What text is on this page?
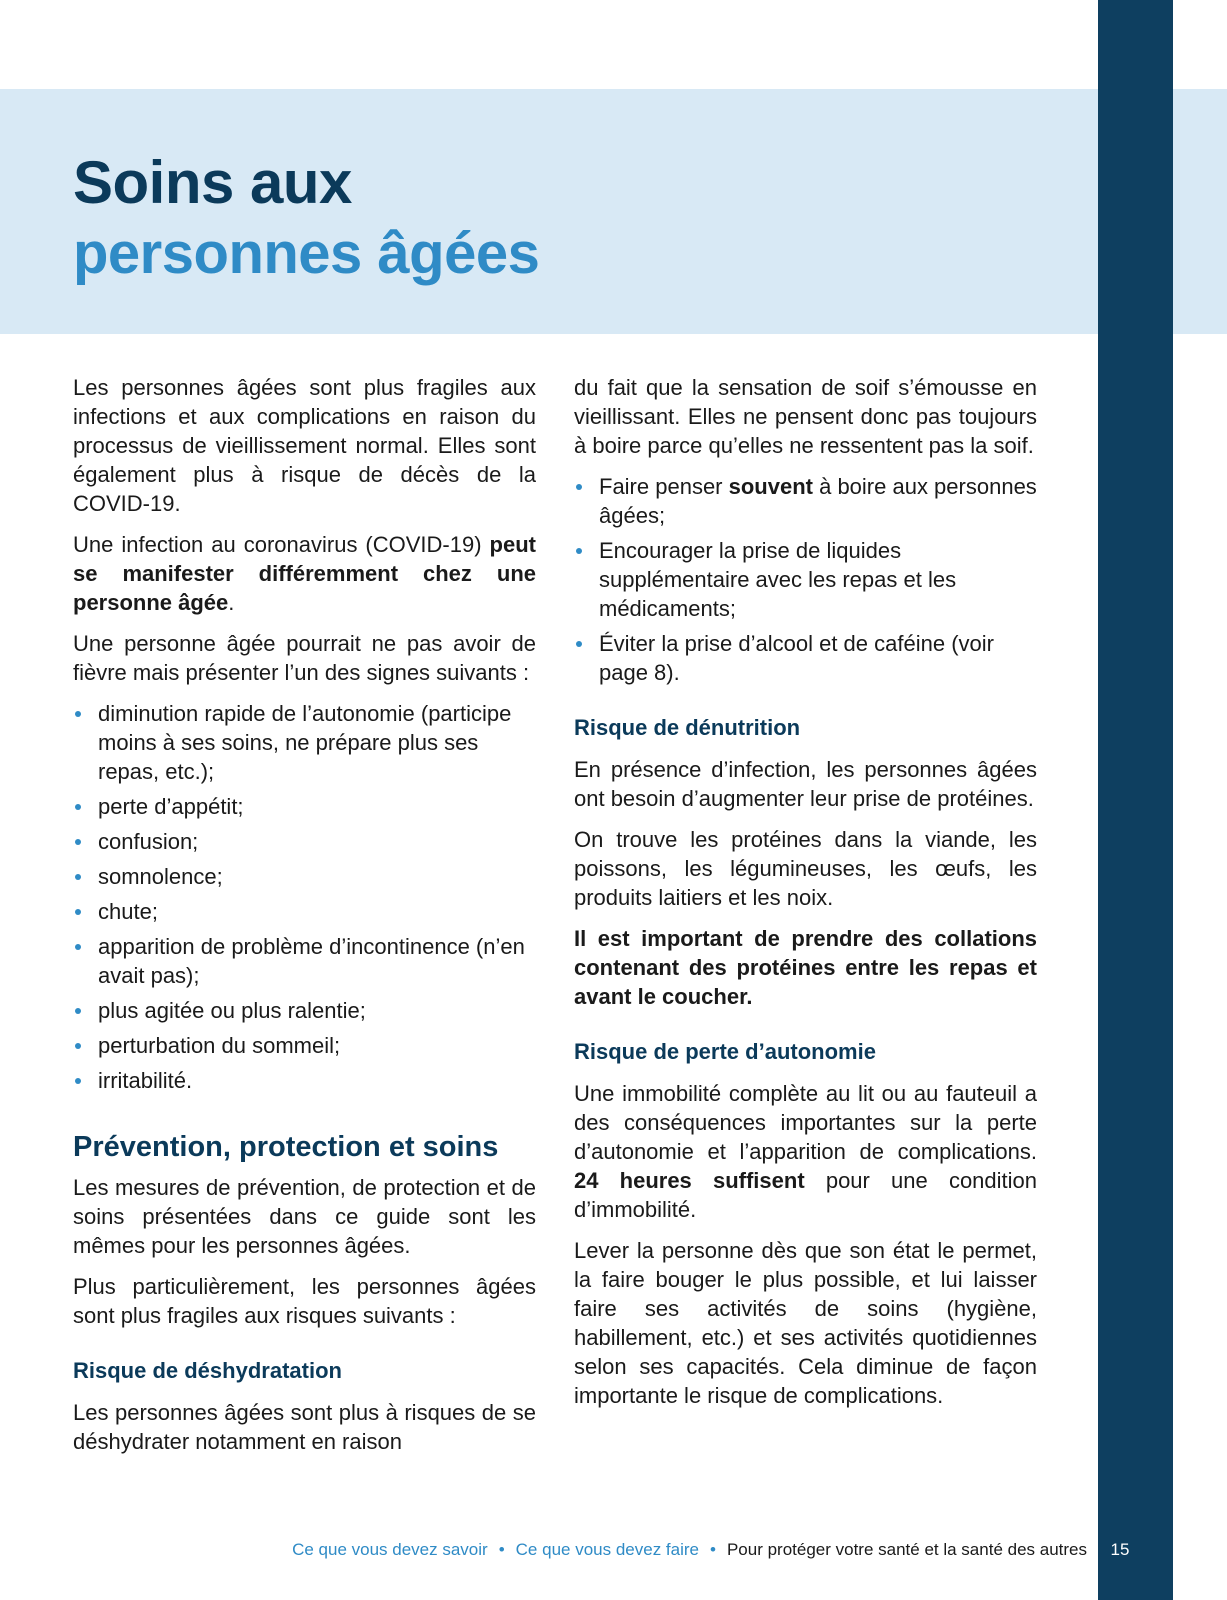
Soins aux
personnes âgées

Les personnes âgées sont plus fragiles aux infections et aux complications en raison du processus de vieillissement normal. Elles sont également plus à risque de décès de la COVID-19.

Une infection au coronavirus (COVID-19) peut se manifester différemment chez une personne âgée.

Une personne âgée pourrait ne pas avoir de fièvre mais présenter l’un des signes suivants :

diminution rapide de l’autonomie (participe moins à ses soins, ne prépare plus ses repas, etc.);
perte d’appétit;
confusion;
somnolence;
chute;
apparition de problème d’incontinence (n’en avait pas);
plus agitée ou plus ralentie;
perturbation du sommeil;
irritabilité.
Prévention, protection et soins

Les mesures de prévention, de protection et de soins présentées dans ce guide sont les mêmes pour les personnes âgées.

Plus particulièrement, les personnes âgées sont plus fragiles aux risques suivants :

Risque de déshydratation

Les personnes âgées sont plus à risques de se déshydrater notamment en raison

du fait que la sensation de soif s’émousse en vieillissant. Elles ne pensent donc pas toujours à boire parce qu’elles ne ressentent pas la soif.

Faire penser souvent à boire aux personnes âgées;
Encourager la prise de liquides supplémentaire avec les repas et les médicaments;
Éviter la prise d’alcool et de caféine (voir page 8).
Risque de dénutrition

En présence d’infection, les personnes âgées ont besoin d’augmenter leur prise de protéines.

On trouve les protéines dans la viande, les poissons, les légumineuses, les œufs, les produits laitiers et les noix.

Il est important de prendre des collations contenant des protéines entre les repas et avant le coucher.

Risque de perte d’autonomie

Une immobilité complète au lit ou au fauteuil a des conséquences importantes sur la perte d’autonomie et l’apparition de complications. 24 heures suffisent pour une condition d’immobilité.

Lever la personne dès que son état le permet, la faire bouger le plus possible, et lui laisser faire ses activités de soins (hygiène, habillement, etc.) et ses activités quotidiennes selon ses capacités. Cela diminue de façon importante le risque de complications.

Ce que vous devez savoir • Ce que vous devez faire • Pour protéger votre santé et la santé des autres	15
